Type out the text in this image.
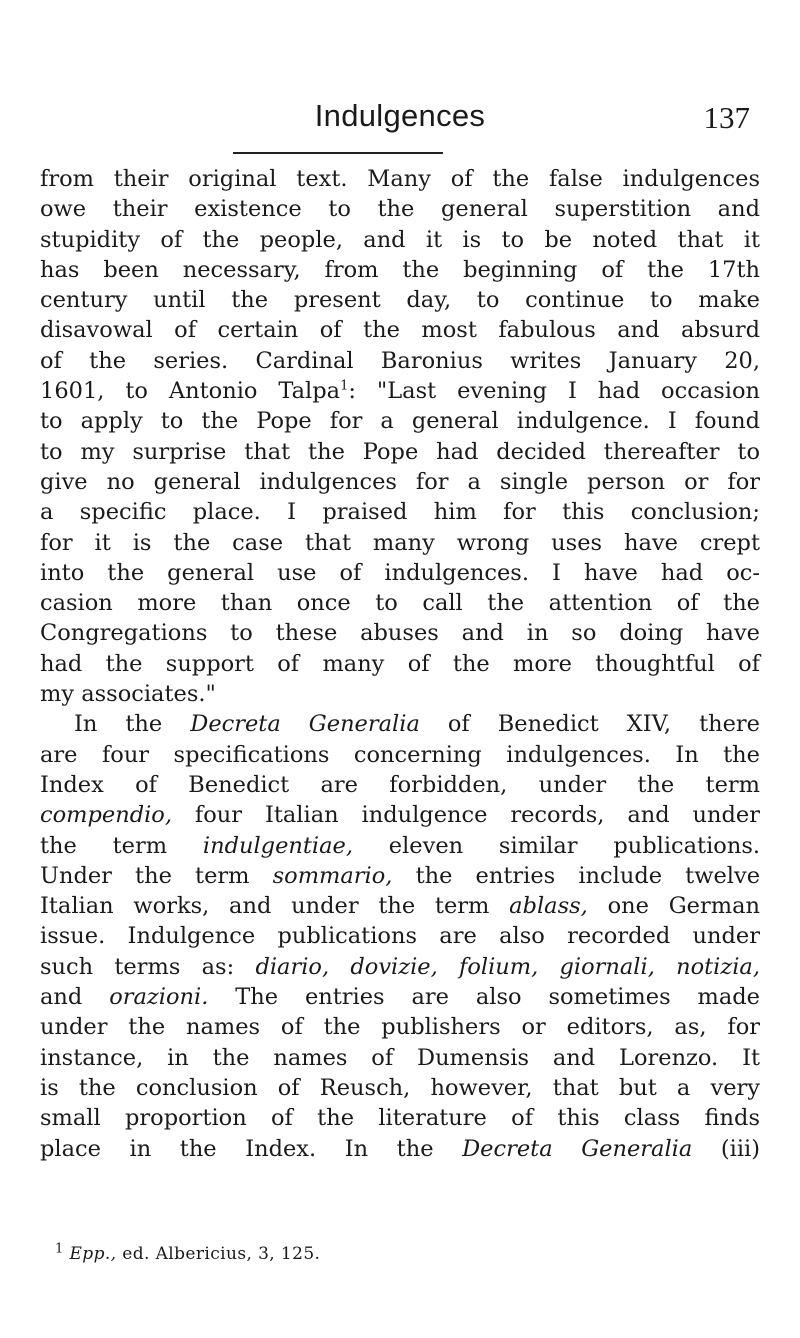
Indulgences	137
from their original text. Many of the false indulgences
owe their existence to the general superstition and
stupidity of the people, and it is to be noted that it
has been necessary, from the beginning of the 17th
century until the present day, to continue to make
disavowal of certain of the most fabulous and absurd
of the series. Cardinal Baronius writes January 20,
1601, to Antonio Talpa$^1$: "Last evening I had occasion
to apply to the Pope for a general indulgence. I found
to my surprise that the Pope had decided thereafter to
give no general indulgences for a single person or for
a specific place. I praised him for this conclusion;
for it is the case that many wrong uses have crept
into the general use of indulgences. I have had oc-
casion more than once to call the attention of the
Congregations to these abuses and in so doing have
had the support of many of the more thoughtful of
my associates."
In the Decreta Generalia of Benedict XIV, there
are four specifications concerning indulgences. In the
Index of Benedict are forbidden, under the term
compendio, four Italian indulgence records, and under
the term indulgentiae, eleven similar publications.
Under the term sommario, the entries include twelve
Italian works, and under the term ablass, one German
issue. Indulgence publications are also recorded under
such terms as: diario, dovizie, folium, giornali, notizia,
and orazioni. The entries are also sometimes made
under the names of the publishers or editors, as, for
instance, in the names of Dumensis and Lorenzo. It
is the conclusion of Reusch, however, that but a very
small proportion of the literature of this class finds
place in the Index. In the Decreta Generalia (iii)
$^1$ Epp., ed. Albericius, 3, 125.
